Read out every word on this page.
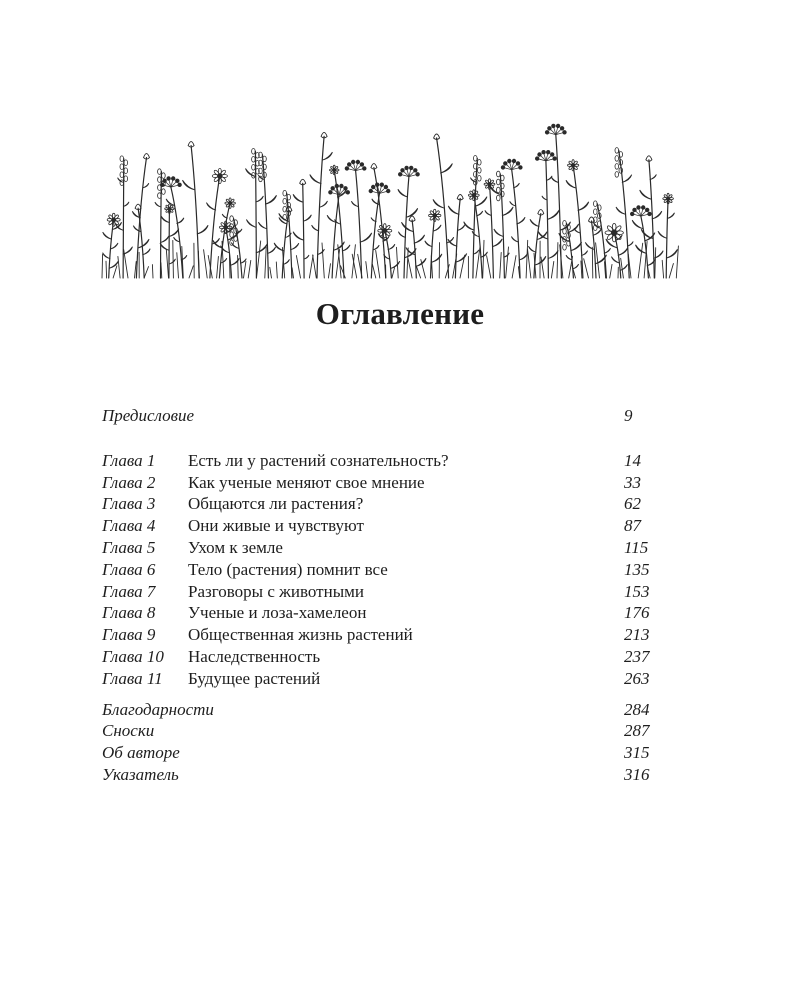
Оглавление
Предисловие	9
Глава 1 Есть ли у растений сознательность?	14
Глава 2 Как ученые меняют свое мнение	33
Глава 3 Общаются ли растения?	62
Глава 4 Они живые и чувствуют	87
Глава 5 Ухом к земле	115
Глава 6 Тело (растения) помнит все	135
Глава 7 Разговоры с животными	153
Глава 8 Ученые и лоза-хамелеон	176
Глава 9 Общественная жизнь растений	213
Глава 10 Наследственность	237
Глава 11 Будущее растений	263
Благодарности	284
Сноски	287
Об авторе	315
Указатель	316
